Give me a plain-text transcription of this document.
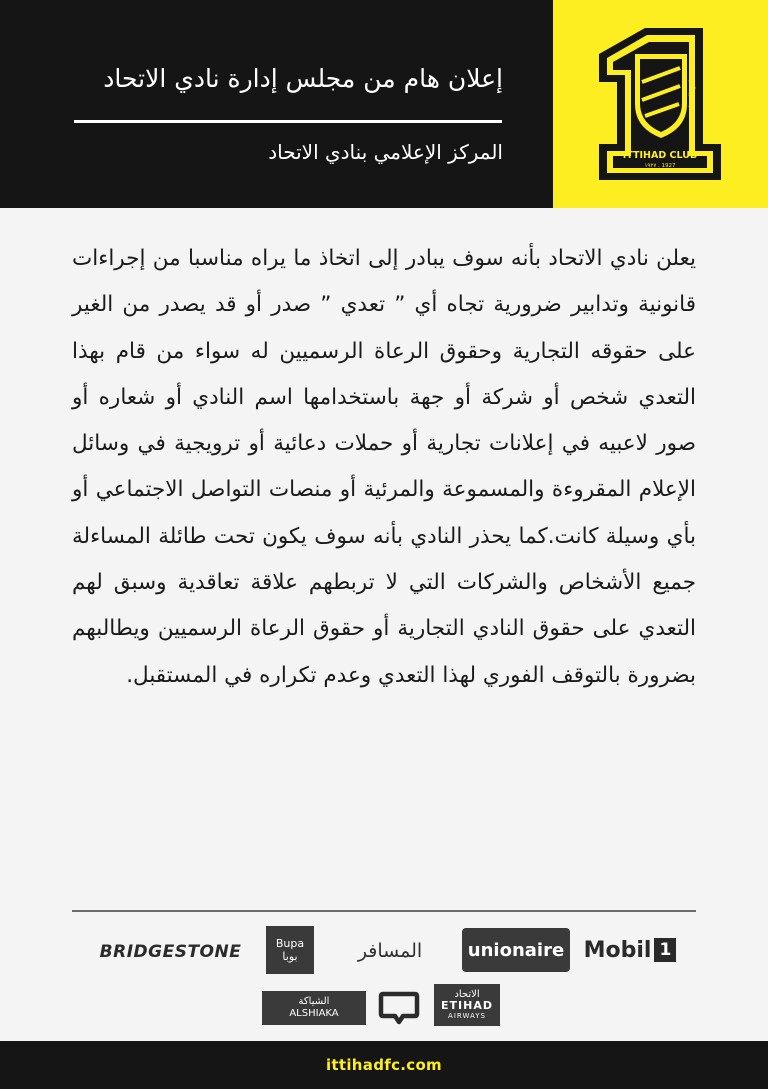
إعلان هام من مجلس إدارة نادي الاتحاد
المركز الإعلامي بنادي الاتحاد	ITTIHAD CLUB
١٩٢٧ . 1927
نادي الاتحاد
يعلن نادي الاتحاد بأنه سوف يبادر إلى اتخاذ ما يراه مناسبا من إجراءات قانونية وتدابير ضرورية تجاه أي ” تعدي ” صدر أو قد يصدر من الغير على حقوقه التجارية وحقوق الرعاة الرسميين له سواء من قام بهذا التعدي شخص أو شركة أو جهة باستخدامها اسم النادي أو شعاره أو صور لاعبيه في إعلانات تجارية أو حملات دعائية أو ترويجية في وسائل الإعلام المقروءة والمسموعة والمرئية أو منصات التواصل الاجتماعي أو بأي وسيلة كانت.كما يحذر النادي بأنه سوف يكون تحت طائلة المساءلة جميع الأشخاص والشركات التي لا تربطهم علاقة تعاقدية وسبق لهم التعدي على حقوق النادي التجارية أو حقوق الرعاة الرسميين ويطالبهم بضرورة بالتوقف الفوري لهذا التعدي وعدم تكراره في المستقبل.
BRIDGESTONE	Bupa
بوبا	المسافر	unionaire Mobil 1
الشياكة
ALSHIAKA
الاتحاد
ETIHAD
AIRWAYS
ittihadfc.com
